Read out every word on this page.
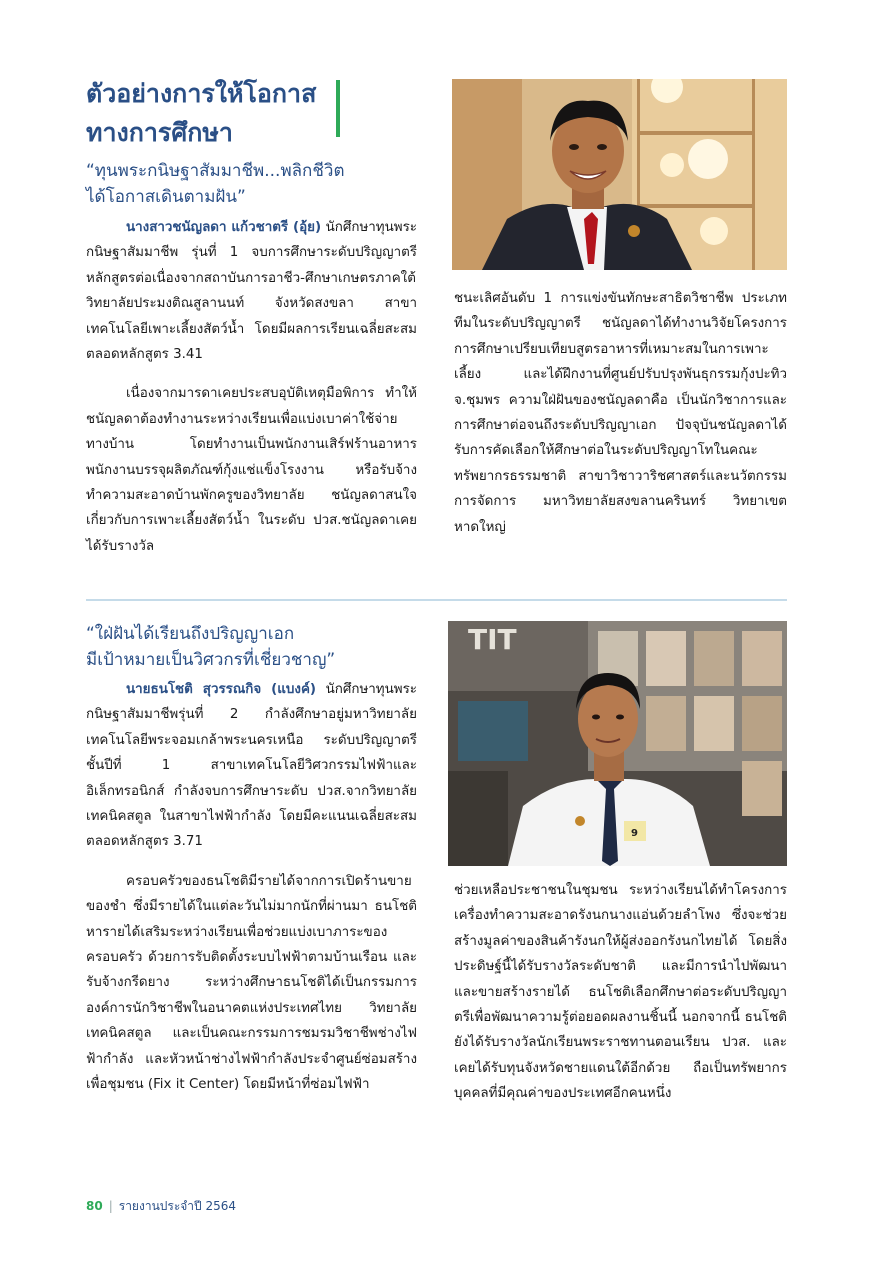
ตัวอย่างการให้โอกาสทางการศึกษา
“ทุนพระกนิษฐาสัมมาชีพ...พลิกชีวิต
ได้โอกาสเดินตามฝัน”

นางสาวชนัญลดา แก้วชาตรี (อุ้ย) นักศึกษาทุนพระกนิษฐาสัมมาชีพ รุ่นที่ 1 จบการศึกษาระดับปริญญาตรีหลักสูตรต่อเนื่องจากสถาบันการอาชีว-ศึกษาเกษตรภาคใต้ วิทยาลัยประมงติณสูลานนท์ จังหวัดสงขลา สาขาเทคโนโลยีเพาะเลี้ยงสัตว์น้ำ โดยมีผลการเรียนเฉลี่ยสะสมตลอดหลักสูตร 3.41

เนื่องจากมารดาเคยประสบอุบัติเหตุมือพิการ ทำให้ชนัญลดาต้องทำงานระหว่างเรียนเพื่อแบ่งเบาค่าใช้จ่ายทางบ้าน โดยทำงานเป็นพนักงานเสิร์ฟร้านอาหาร พนักงานบรรจุผลิตภัณฑ์กุ้งแช่แข็งโรงงาน หรือรับจ้างทำความสะอาดบ้านพักครูของวิทยาลัย ชนัญลดาสนใจเกี่ยวกับการเพาะเลี้ยงสัตว์น้ำ ในระดับ ปวส.ชนัญลดาเคยได้รับรางวัล

ชนะเลิศอันดับ 1 การแข่งขันทักษะสาธิตวิชาชีพ ประเภททีมในระดับปริญญาตรี ชนัญลดาได้ทำงานวิจัยโครงการการศึกษาเปรียบเทียบสูตรอาหารที่เหมาะสมในการเพาะเลี้ยง และได้ฝึกงานที่ศูนย์ปรับปรุงพันธุกรรมกุ้งปะทิว จ.ชุมพร ความใฝ่ฝันของชนัญลดาคือ เป็นนักวิชาการและการศึกษาต่อจนถึงระดับปริญญาเอก ปัจจุบันชนัญลดาได้รับการคัดเลือกให้ศึกษาต่อในระดับปริญญาโทในคณะทรัพยากรธรรมชาติ สาขาวิชาวาริชศาสตร์และนวัตกรรมการจัดการ มหาวิทยาลัยสงขลานครินทร์ วิทยาเขตหาดใหญ่

TIT
9
“ใฝ่ฝันได้เรียนถึงปริญญาเอก
มีเป้าหมายเป็นวิศวกรที่เชี่ยวชาญ”

นายธนโชติ สุวรรณกิจ (แบงค์) นักศึกษาทุนพระกนิษฐาสัมมาชีพรุ่นที่ 2 กำลังศึกษาอยู่มหาวิทยาลัยเทคโนโลยีพระจอมเกล้าพระนครเหนือ ระดับปริญญาตรี ชั้นปีที่ 1 สาขาเทคโนโลยีวิศวกรรมไฟฟ้าและอิเล็กทรอนิกส์ กำลังจบการศึกษาระดับ ปวส.จากวิทยาลัยเทคนิคสตูล ในสาขาไฟฟ้ากำลัง โดยมีคะแนนเฉลี่ยสะสมตลอดหลักสูตร 3.71

ครอบครัวของธนโชติมีรายได้จากการเปิดร้านขายของชำ ซึ่งมีรายได้ในแต่ละวันไม่มากนักที่ผ่านมา ธนโชติหารายได้เสริมระหว่างเรียนเพื่อช่วยแบ่งเบาภาระของครอบครัว ด้วยการรับติดตั้งระบบไฟฟ้าตามบ้านเรือน และรับจ้างกรีดยาง ระหว่างศึกษาธนโชติได้เป็นกรรมการองค์การนักวิชาชีพในอนาคตแห่งประเทศไทย วิทยาลัยเทคนิคสตูล และเป็นคณะกรรมการชมรมวิชาชีพช่างไฟฟ้ากำลัง และหัวหน้าช่างไฟฟ้ากำลังประจำศูนย์ซ่อมสร้างเพื่อชุมชน (Fix it Center) โดยมีหน้าที่ซ่อมไฟฟ้า

ช่วยเหลือประชาชนในชุมชน ระหว่างเรียนได้ทำโครงการเครื่องทำความสะอาดรังนกนางแอ่นด้วยลำโพง ซึ่งจะช่วยสร้างมูลค่าของสินค้ารังนกให้ผู้ส่งออกรังนกไทยได้ โดยสิ่งประดิษฐ์นี้ได้รับรางวัลระดับชาติ และมีการนำไปพัฒนาและขายสร้างรายได้ ธนโชติเลือกศึกษาต่อระดับปริญญาตรีเพื่อพัฒนาความรู้ต่อยอดผลงานชิ้นนี้ นอกจากนี้ ธนโชติยังได้รับรางวัลนักเรียนพระราชทานตอนเรียน ปวส. และเคยได้รับทุนจังหวัดชายแดนใต้อีกด้วย ถือเป็นทรัพยากรบุคคลที่มีคุณค่าของประเทศอีกคนหนึ่ง

80 | รายงานประจำปี 2564
